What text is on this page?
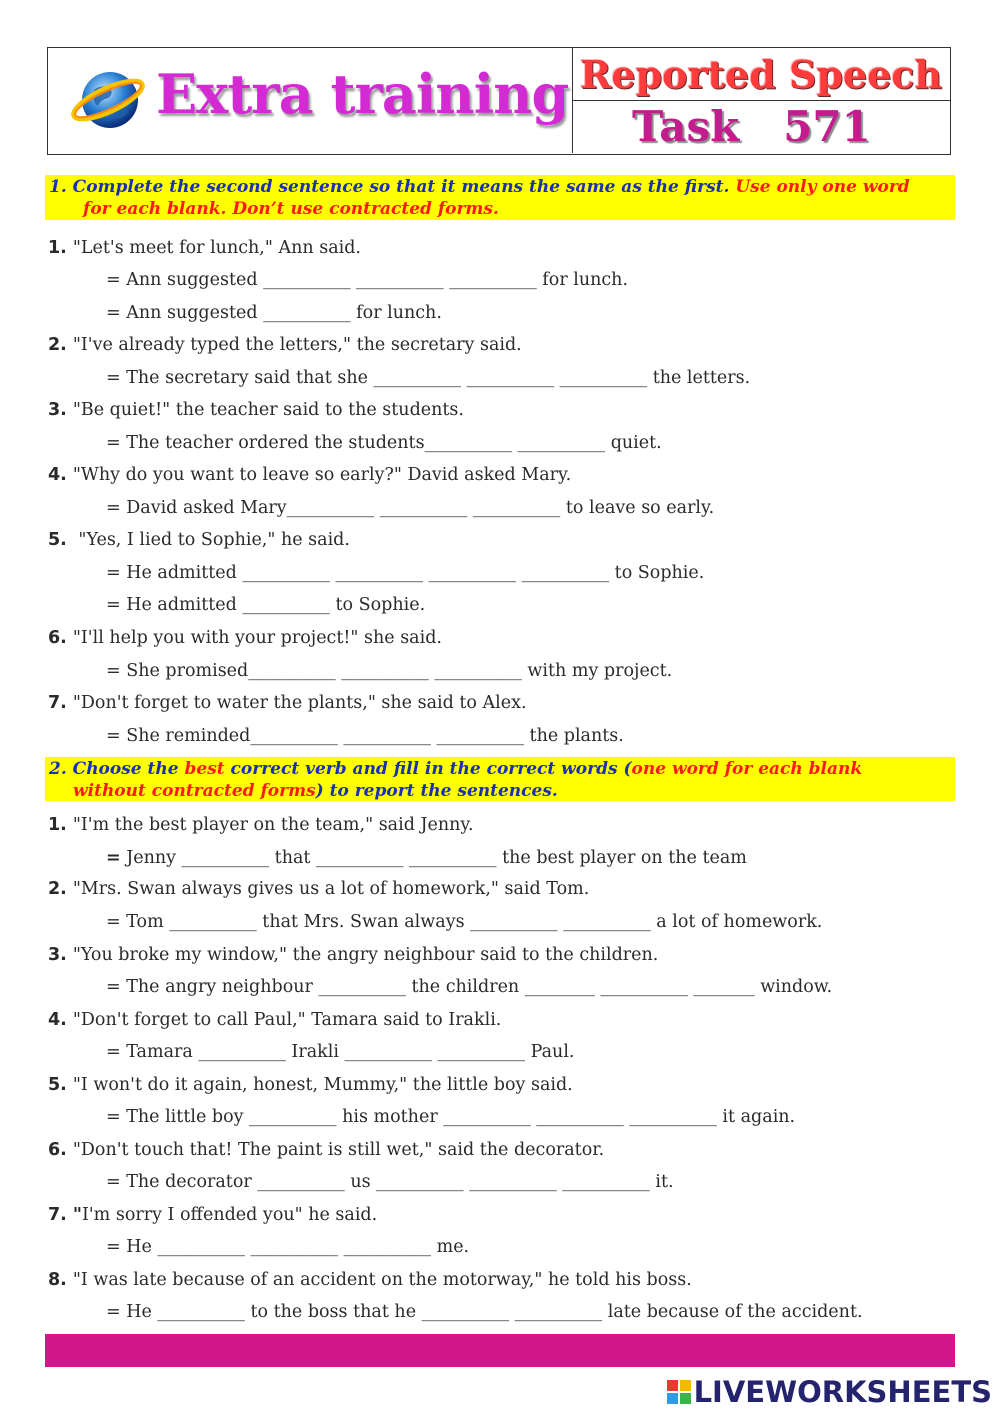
Extra training Reported Speech
Task 571
1. Complete the second sentence so that it means the same as the first. Use only one word
for each blank. Don’t use contracted forms.
1. "Let's meet for lunch," Ann said.
= Ann suggested __________ __________ __________ for lunch.
= Ann suggested __________ for lunch.
2. "I've already typed the letters," the secretary said.
= The secretary said that she __________ __________ __________ the letters.
3. "Be quiet!" the teacher said to the students.
= The teacher ordered the students__________ __________ quiet.
4. "Why do you want to leave so early?" David asked Mary.
= David asked Mary__________ __________ __________ to leave so early.
5. "Yes, I lied to Sophie," he said.
= He admitted __________ __________ __________ __________ to Sophie.
= He admitted __________ to Sophie.
6. "I'll help you with your project!" she said.
= She promised__________ __________ __________ with my project.
7. "Don't forget to water the plants," she said to Alex.
= She reminded__________ __________ __________ the plants.
2. Choose the best correct verb and fill in the correct words (one word for each blank
without contracted forms) to report the sentences.
1. "I'm the best player on the team," said Jenny.
= Jenny __________ that __________ __________ the best player on the team
2. "Mrs. Swan always gives us a lot of homework," said Tom.
= Tom __________ that Mrs. Swan always __________ __________ a lot of homework.
3. "You broke my window," the angry neighbour said to the children.
= The angry neighbour __________ the children ________ __________ _______ window.
4. "Don't forget to call Paul," Tamara said to Irakli.
= Tamara __________ Irakli __________ __________ Paul.
5. "I won't do it again, honest, Mummy," the little boy said.
= The little boy __________ his mother __________ __________ __________ it again.
6. "Don't touch that! The paint is still wet," said the decorator.
= The decorator __________ us __________ __________ __________ it.
7. "I'm sorry I offended you" he said.
= He __________ __________ __________ me.
8. "I was late because of an accident on the motorway," he told his boss.
= He __________ to the boss that he __________ __________ late because of the accident.
LIVEWORKSHEETS
